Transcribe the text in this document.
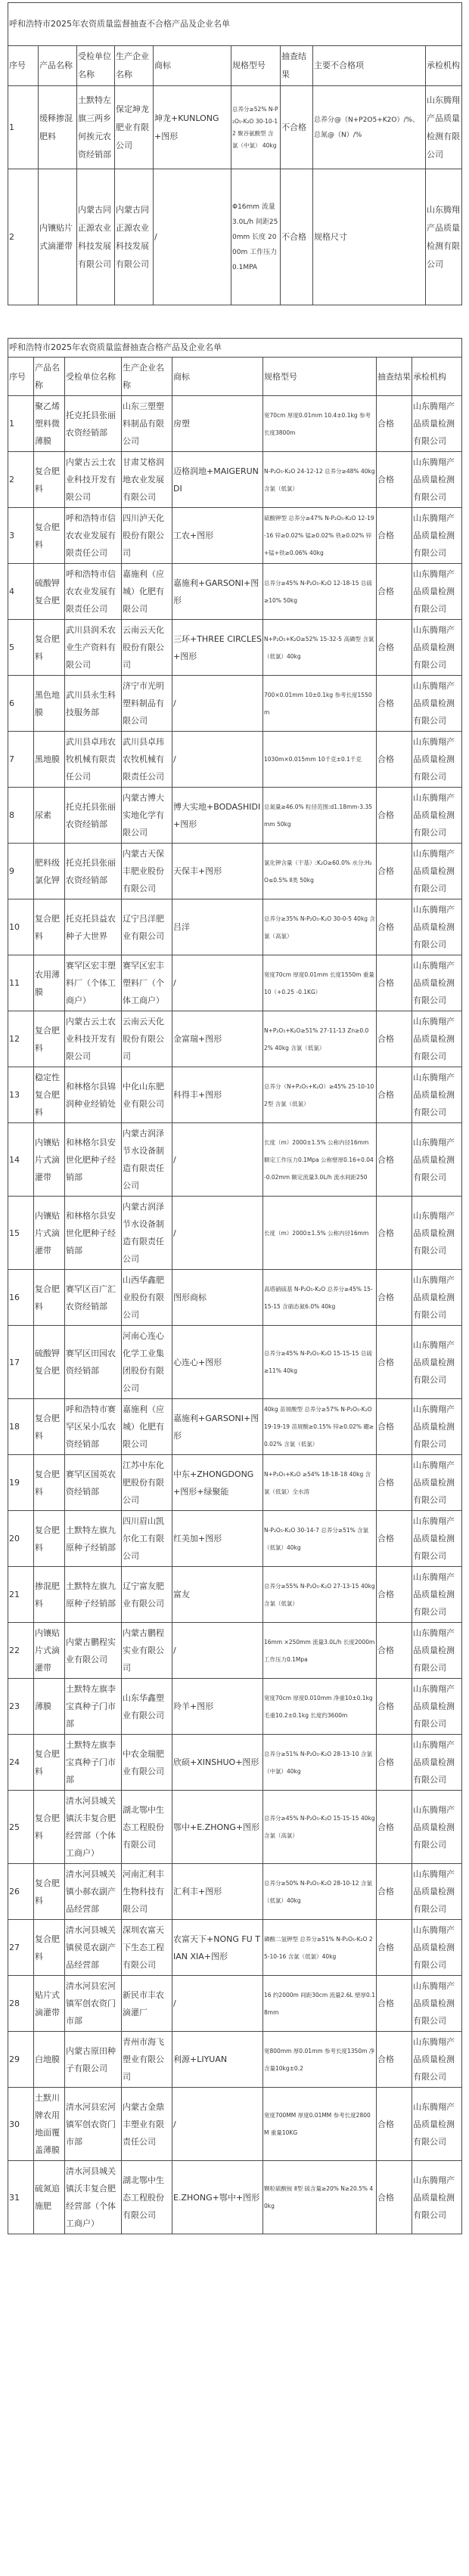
呼和浩特市2025年农资质量监督抽查不合格产品及企业名单								
序号	产品名称	受检单位名称	生产企业名称	商标	规格型号	抽查结果	主要不合格项	承检机构
1	缓释掺混肥料	土默特左旗三两乡何挨元农资经销部	保定坤龙肥业有限公司	坤龙+KUNLONG+图形	总养分≥52% N-P₂O₅-K₂O 30-10-12 聚谷氨酸型 含氯（中氯） 40kg	不合格	总养分@（N+P2O5+K2O）/%、总氮@（N）/%	山东腾翔产品质量检测有限公司
2	内镶贴片式滴灌带	内蒙古同正源农业科技发展有限公司	内蒙古同正源农业科技发展有限公司	/	Φ16mm 流量3.0L/h 间距250mm 长度 2000m 工作压力 0.1MPA	不合格	规格尺寸	山东腾翔产品质量检测有限公司
呼和浩特市2025年农资质量监督抽查合格产品及企业名单							
序号	产品名称	受检单位名称	生产企业名称	商标	规格型号	抽查结果	承检机构
1	聚乙烯塑料微薄膜	托克托县张丽农资经销部	山东三塑塑料制品有限公司	房塑	宽70cm 厚度0.01mm 10.4±0.1kg 参考长度3800m	合格	山东腾翔产品质量检测有限公司
2	复合肥料	内蒙古云土农业科技开发有限公司	甘肃艾格润地农业发展有限公司	迈格润地+MAIGERUNDI	N-P₂O₅-K₂O 24-12-12 总养分≥48% 40kg 含氯（低氯）	合格	山东腾翔产品质量检测有限公司
3	复合肥料	呼和浩特市信农农业发展有限责任公司	四川泸天化股份有限公司	工农+图形	硫酸钾型 总养分≥47% N-P₂O₅-K₂O 12-19-16 锌≥0.02% 锰≥0.02% 铁≥0.02% 锌+锰+铁≥0.06% 40kg	合格	山东腾翔产品质量检测有限公司
4	硫酸钾复合肥	呼和浩特市信农农业发展有限责任公司	嘉施利（应城）化肥有限公司	嘉施利+GARSONI+图形	总养分≥45% N-P₂O₅-K₂O 12-18-15 总硫≥10% 50kg	合格	山东腾翔产品质量检测有限公司
5	复合肥料	武川县润禾农业生产资料有限公司	云南云天化股份有限公司	三环+THREE CIRCLES+图形	N+P₂O₅+K₂O≥52% 15-32-5 高磷型 含氯（低氯）40kg	合格	山东腾翔产品质量检测有限公司
6	黑色地膜	武川县永生科技服务部	济宁市光明塑料制品有限公司	/	700×0.01mm 10±0.1kg 参考长度1550m	合格	山东腾翔产品质量检测有限公司
7	黑地膜	武川县卓玮农牧机械有限责任公司	武川县卓玮农牧机械有限责任公司	/	1030m×0.015mm 10千克±0.1千克	合格	山东腾翔产品质量检测有限公司
8	尿素	托克托县张丽农资经销部	内蒙古博大实地化学有限公司	博大实地+BODASHIDI+图形	总氮量≥46.0% 粒径范围:d1.18mm-3.35mm 50kg	合格	山东腾翔产品质量检测有限公司
9	肥料级氯化钾	托克托县张丽农资经销部	内蒙古天保丰肥业股份有限公司	天保丰+图形	氯化钾含量（干基）:K₂O≥60.0% 水分:H₂O≤0.5% Ⅱ类 50kg	合格	山东腾翔产品质量检测有限公司
10	复合肥料	托克托县益农种子大世界	辽宁吕洋肥业有限公司	吕洋	总养分≥35% N-P₂O₅-K₂O 30-0-5 40kg 含氯（高氯）	合格	山东腾翔产品质量检测有限公司
11	农用薄膜	赛罕区宏丰塑料厂（个体工商户）	赛罕区宏丰塑料厂（个体工商户）	/	宽度70cm 厚度0.01mm 长度1550m 重量10（+0.25 -0.1KG）	合格	山东腾翔产品质量检测有限公司
12	复合肥料	内蒙古云土农业科技开发有限公司	云南云天化股份有限公司	金富瑞+图形	N+P₂O₅+K₂O≥51% 27-11-13 Zn≥0.02% 40kg 含氯（低氯）	合格	山东腾翔产品质量检测有限公司
13	稳定性复合肥料	和林格尔县锦润种业经销处	中化山东肥业有限公司	科得丰+图形	总养分（N+P₂O₅+K₂O）≥45% 25-10-10 2型 含氯（低氯）	合格	山东腾翔产品质量检测有限公司
14	内镶贴片式滴灌带	和林格尔县安世化肥种子经销部	内蒙古润泽节水设备制造有限责任公司	/	长度（m）2000±1.5% 公称内径16mm 额定工作压力0.1Mpa 公称壁厚0.16+0.04 -0.02mm 额定流量3.0L/h 流水间距250	合格	山东腾翔产品质量检测有限公司
15	内镶贴片式滴灌带	和林格尔县安世化肥种子经销部	内蒙古润泽节水设备制造有限责任公司	/	长度（m）2000±1.5% 公称内径16mm	合格	山东腾翔产品质量检测有限公司
16	复合肥料	赛罕区百广汇农资经销部	山西华鑫肥业股份有限公司	图形商标	高塔硝硫基 N-P₂O₅-K₂O 总养分≥45% 15-15-15 含硝态氮6.0% 40kg	合格	山东腾翔产品质量检测有限公司
17	硫酸钾复合肥	赛罕区田园农资经销部	河南心连心化学工业集团股份有限公司	心连心+图形	总养分≥45% N-P₂O₅-K₂O 15-15-15 总硫≥11% 40kg	合格	山东腾翔产品质量检测有限公司
18	复合肥料	呼和浩特市赛罕区呆小瓜农资经销部	嘉施利（应城）化肥有限公司	嘉施利+GARSONI+图形	40kg 苗屑酸型 总养分≥57% N-P₂O₅-K₂O 19-19-19 苗屑酸≥0.15% 锌≥0.02% 硼≥0.02% 含氯（低氯）	合格	山东腾翔产品质量检测有限公司
19	复合肥料	赛罕区国英农资经销部	江苏中东化肥股份有限公司	中东+ZHONGDONG+图形+绿聚能	N+P₂O₅+K₂O ≥54% 18-18-18 40kg 含氯（低氯）全水溶	合格	山东腾翔产品质量检测有限公司
20	复合肥料	土默特左旗九原种子经销部	四川眉山凯尔化工有限公司	红美加+图形	N-P₂O₅-K₂O 30-14-7 总养分≥51% 含氯（低氯）40kg	合格	山东腾翔产品质量检测有限公司
21	掺混肥料	土默特左旗九原种子经销部	辽宁富友肥业有限公司	富友	总养分≥55% N-P₂O₅-K₂O 27-13-15 40kg 含氯（低氯）	合格	山东腾翔产品质量检测有限公司
22	内镶贴片式滴灌带	内蒙古鹏程实业有限公司	内蒙古鹏程实业有限公司	/	16mm ×250mm 流量3.0L/h 长度2000m 工作压力0.1Mpa	合格	山东腾翔产品质量检测有限公司
23	薄膜	土默特左旗李宝真种子门市部	山东华鑫塑业有限公司	羚羊+图形	宽度70cm 厚度0.010mm 净重10±0.1kg 毛重10.2±0.1kg 长度约3600m	合格	山东腾翔产品质量检测有限公司
24	复合肥料	土默特左旗李宝真种子门市部	中农金瑞肥业有限公司	欣硕+XINSHUO+图形	总养分≥51% N-P₂O₅-K₂O 28-13-10 含氯（中氯）40kg	合格	山东腾翔产品质量检测有限公司
25	复合肥料	清水河县城关镇沃丰复合肥经营部（个体工商户）	湖北鄂中生态工程股份有限公司	鄂中+E.ZHONG+图形	总养分≥45% N-P₂O₅-K₂O 15-15-15 40kg 含氯（高氯）	合格	山东腾翔产品质量检测有限公司
26	复合肥料	清水河县城关镇小郝农副产品经营部	河南汇利丰生物科技有限公司	汇利丰+图形	总养分≥50% N-P₂O₅-K₂O 28-10-12 含氯（低氯）40kg	合格	山东腾翔产品质量检测有限公司
27	复合肥料	清水河县城关镇侯觅农副产品经营部	深圳农富天下生态工程有限公司	农富天下+NONG FU TIAN XIA+图形	磷酸二氢钾型 总养分≥51% N-P₂O₅-K₂O 25-10-16 含氯（低氯）40kg	合格	山东腾翔产品质量检测有限公司
28	贴片式滴灌带	清水河县宏河镇军创农资门市部	新民市丰农滴灌厂	/	16 约2000m 间距30cm 流量2.6L 壁厚0.18mm	合格	山东腾翔产品质量检测有限公司
29	白地膜	内蒙古原田种子有限公司	青州市海飞塑业有限公司	利源+LIYUAN	宽800mm 厚0.01mm 参考长度1350m 净含量10kg±0.2	合格	山东腾翔产品质量检测有限公司
30	土默川牌农用地面覆盖薄膜	清水河县宏河镇军创农资门市部	内蒙古金鼎丰塑业有限责任公司	/	宽度700MM 厚度0.01MM 参考长度2800M 重量10KG	合格	山东腾翔产品质量检测有限公司
31	硫氮追施肥	清水河县城关镇沃丰复合肥经营部（个体工商户）	湖北鄂中生态工程股份有限公司	E.ZHONG+鄂中+图形	颗粒硫酸铵 Ⅱ型 硫含量≥20% N≥20.5% 40kg	合格	山东腾翔产品质量检测有限公司
